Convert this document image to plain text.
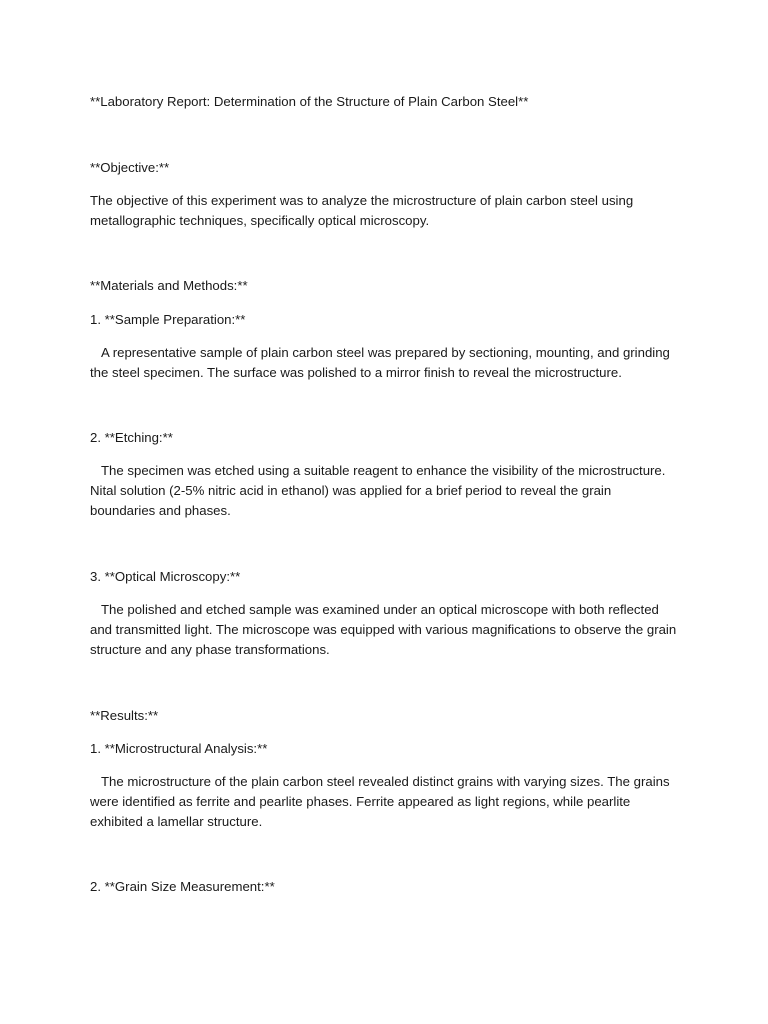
**Laboratory Report: Determination of the Structure of Plain Carbon Steel**

**Objective:**

The objective of this experiment was to analyze the microstructure of plain carbon steel using metallographic techniques, specifically optical microscopy.

**Materials and Methods:**

1. **Sample Preparation:**

A representative sample of plain carbon steel was prepared by sectioning, mounting, and grinding the steel specimen. The surface was polished to a mirror finish to reveal the microstructure.

2. **Etching:**

The specimen was etched using a suitable reagent to enhance the visibility of the microstructure. Nital solution (2-5% nitric acid in ethanol) was applied for a brief period to reveal the grain boundaries and phases.

3. **Optical Microscopy:**

The polished and etched sample was examined under an optical microscope with both reflected and transmitted light. The microscope was equipped with various magnifications to observe the grain structure and any phase transformations.

**Results:**

1. **Microstructural Analysis:**

The microstructure of the plain carbon steel revealed distinct grains with varying sizes. The grains were identified as ferrite and pearlite phases. Ferrite appeared as light regions, while pearlite exhibited a lamellar structure.

2. **Grain Size Measurement:**
